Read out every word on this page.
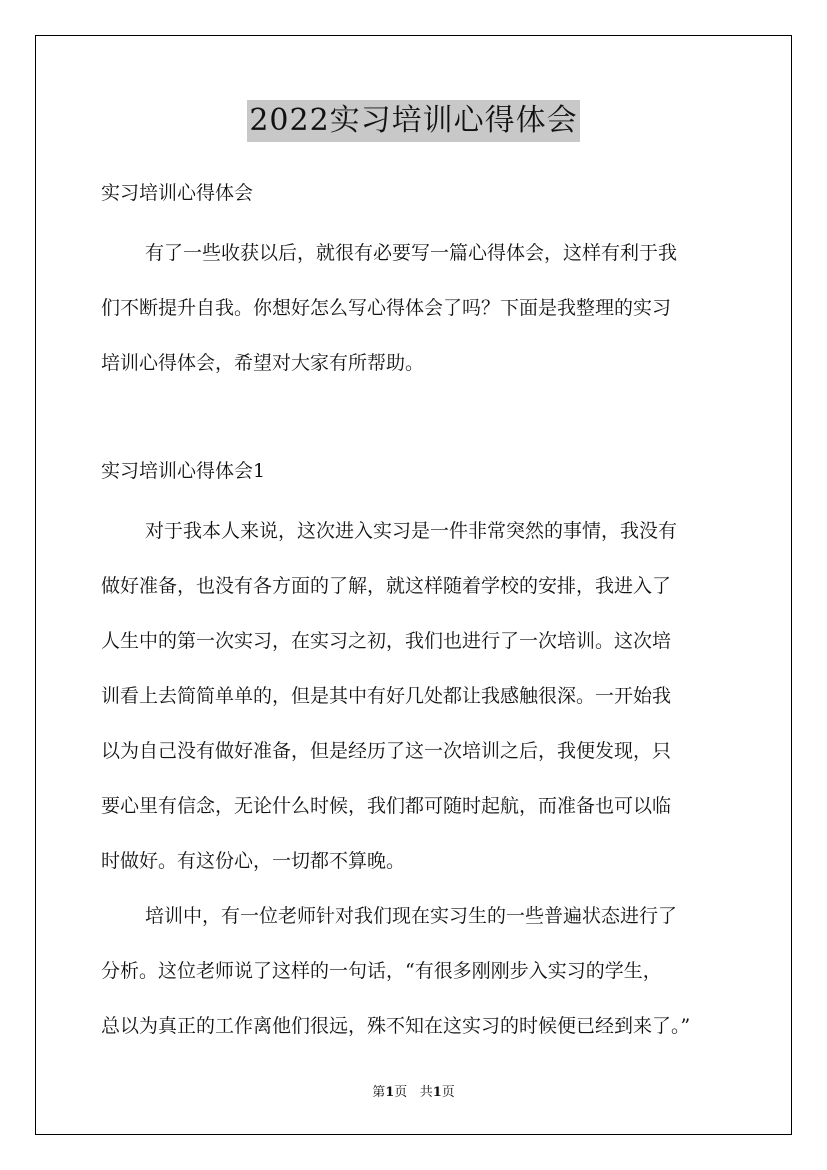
2022实习培训心得体会
实习培训心得体会

有了一些收获以后，就很有必要写一篇心得体会，这样有利于我

们不断提升自我。你想好怎么写心得体会了吗？下面是我整理的实习

培训心得体会，希望对大家有所帮助。

实习培训心得体会1

对于我本人来说，这次进入实习是一件非常突然的事情，我没有

做好准备，也没有各方面的了解，就这样随着学校的安排，我进入了

人生中的第一次实习，在实习之初，我们也进行了一次培训。这次培

训看上去简简单单的，但是其中有好几处都让我感触很深。一开始我

以为自己没有做好准备，但是经历了这一次培训之后，我便发现，只

要心里有信念，无论什么时候，我们都可随时起航，而准备也可以临

时做好。有这份心，一切都不算晚。

培训中，有一位老师针对我们现在实习生的一些普遍状态进行了

分析。这位老师说了这样的一句话，“有很多刚刚步入实习的学生，

总以为真正的工作离他们很远，殊不知在这实习的时候便已经到来了。”

第1页 共1页
